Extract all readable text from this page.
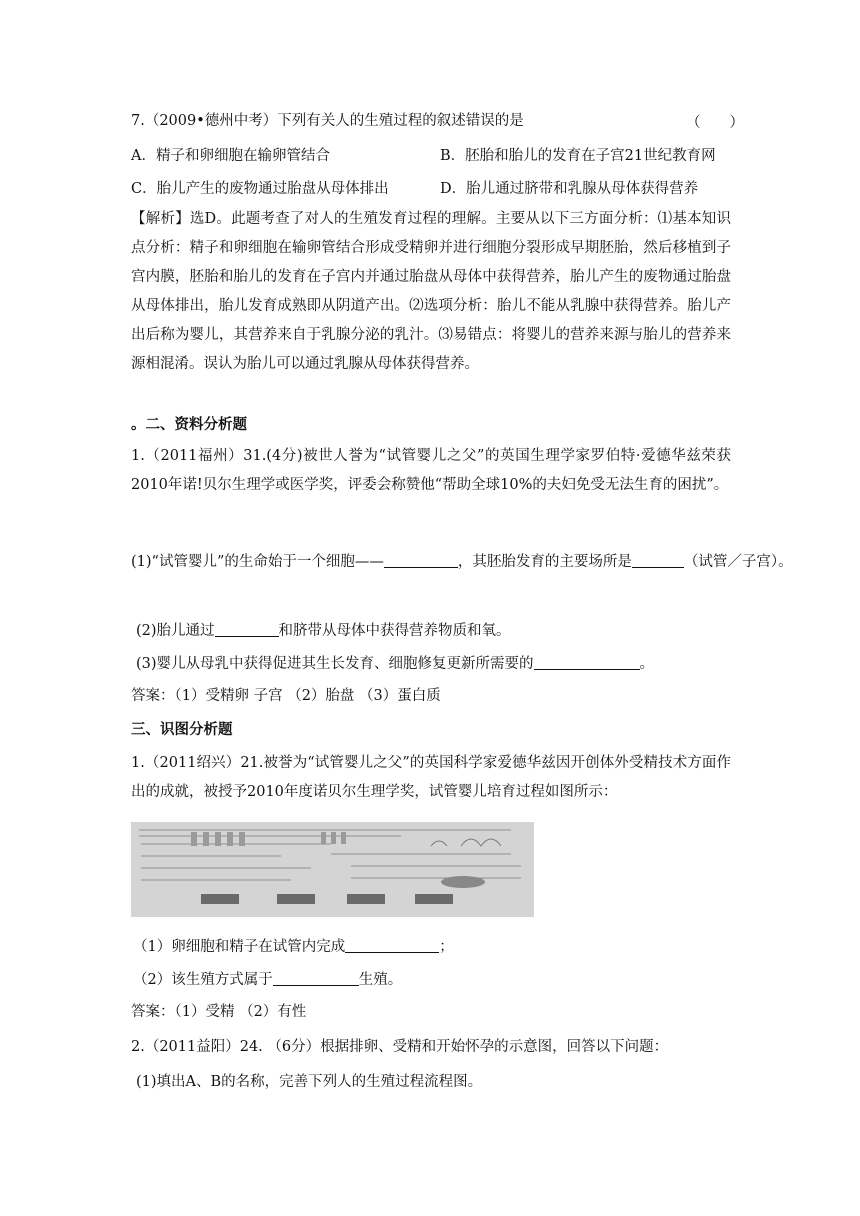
7.（2009•德州中考）下列有关人的生殖过程的叙述错误的是	（　　）
A．精子和卵细胞在输卵管结合	B．胚胎和胎儿的发育在子宫21世纪教育网
C．胎儿产生的废物通过胎盘从母体排出	D．胎儿通过脐带和乳腺从母体获得营养
【解析】选D。此题考查了对人的生殖发育过程的理解。主要从以下三方面分析：⑴基本知识点分析：精子和卵细胞在输卵管结合形成受精卵并进行细胞分裂形成早期胚胎，然后移植到子宫内膜，胚胎和胎儿的发育在子宫内并通过胎盘从母体中获得营养，胎儿产生的废物通过胎盘从母体排出，胎儿发育成熟即从阴道产出。⑵选项分析：胎儿不能从乳腺中获得营养。胎儿产出后称为婴儿，其营养来自于乳腺分泌的乳汁。⑶易错点：将婴儿的营养来源与胎儿的营养来源相混淆。误认为胎儿可以通过乳腺从母体获得营养。
。二、资料分析题
1.（2011福州）31.(4分)被世人誉为“试管婴儿之父”的英国生理学家罗伯特·爱德华兹荣获2010年诺!贝尔生理学或医学奖，评委会称赞他“帮助全球10%的夫妇免受无法生育的困扰”。
(1)“试管婴儿”的生命始于一个细胞——	，其胚胎发育的主要场所是	（试管／子宫）。
(2)胎儿通过	和脐带从母体中获得营养物质和氧。
(3)婴儿从母乳中获得促进其生长发育、细胞修复更新所需要的	。
答案：（1）受精卵 子宫 （2）胎盘 （3）蛋白质
三、识图分析题
1.（2011绍兴）21.被誉为“试管婴儿之父”的英国科学家爱德华兹因开创体外受精技术方面作出的成就，被授予2010年度诺贝尔生理学奖，试管婴儿培育过程如图所示：
（1）卵细胞和精子在试管内完成	；
（2）该生殖方式属于	生殖。
答案：（1）受精 （2）有性
2.（2011益阳）24. （6分）根据排卵、受精和开始怀孕的示意图，回答以下问题：
(1)填出A、B的名称，完善下列人的生殖过程流程图。
